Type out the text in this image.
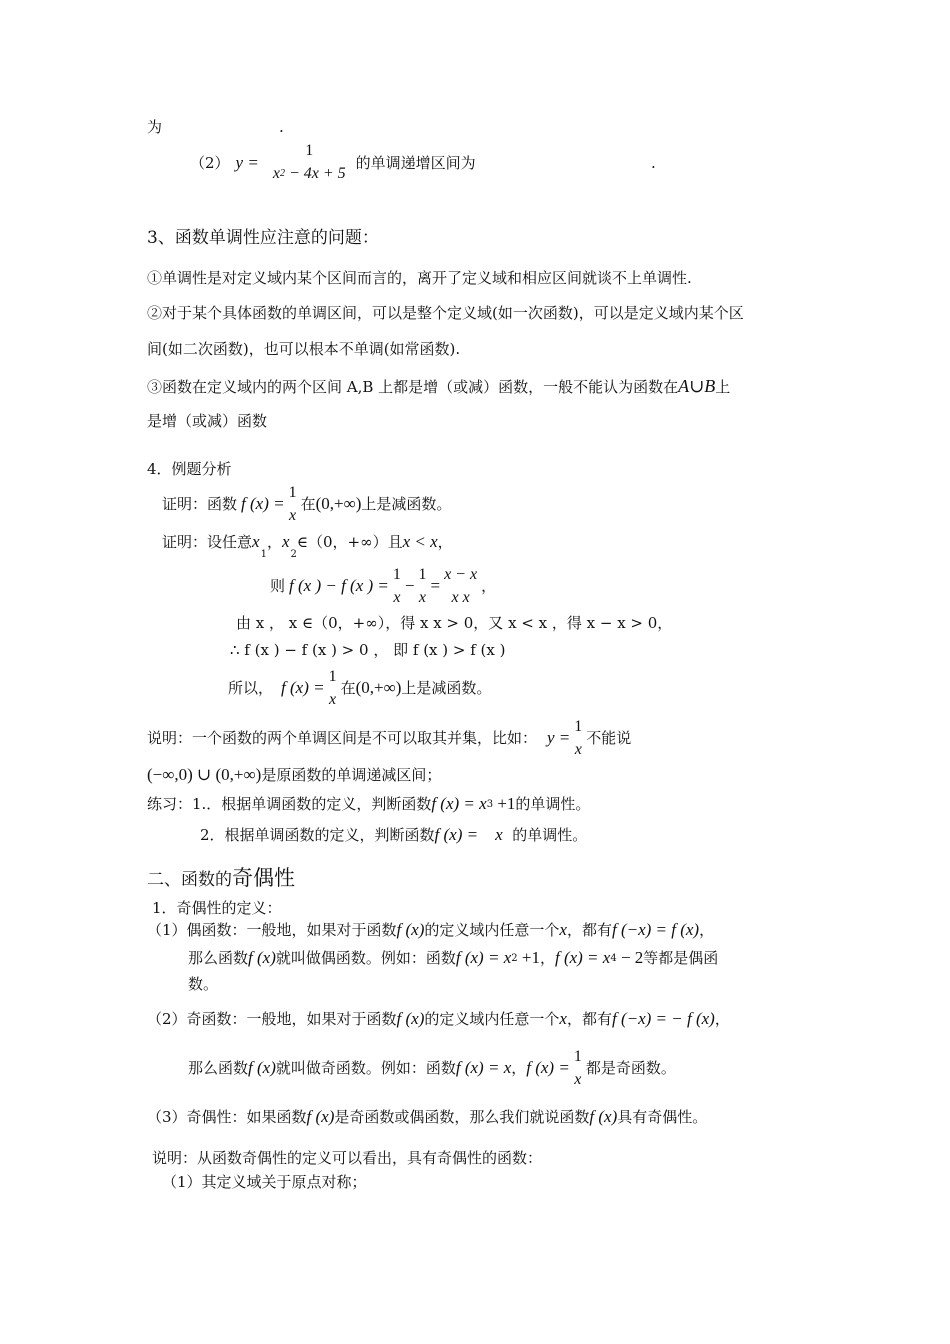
为	.
（2） y =
1
x2 − 4x + 5
的单调递增区间为	.
3、函数单调性应注意的问题：
①单调性是对定义域内某个区间而言的，离开了定义域和相应区间就谈不上单调性.
②对于某个具体函数的单调区间，可以是整个定义域(如一次函数)，可以是定义域内某个区
间(如二次函数)，也可以根本不单调(如常函数).
③函数在定义域内的两个区间 A,B 上都是增（或减）函数，一般不能认为函数在A∪B上
是增（或减）函数
4．例题分析
证明：函数 f (x) =
1
x
在 (0,+∞) 上是减函数。
证明：设任意$x_1$，$x_2\in(0$，+∞）且x < x，
则 f (x ) − f (x ) =
1
x
−
1
x
=
x − x
x x
，
由 x ， x ∈（0，+∞），得 x x > 0，又 x < x ，得 x − x > 0，
∴ f (x ) − f (x ) > 0 ， 即 f (x ) > f (x )
所以， f (x) =
1
x
在 (0,+∞) 上是减函数。
说明：一个函数的两个单调区间是不可以取其并集，比如： y =
1
x
不能说
(−∞,0) ∪ (0,+∞)是原函数的单调递减区间；
练习：1.．根据单调函数的定义，判断函数f (x) = x3 +1的单调性。
2．根据单调函数的定义，判断函数f (x) =    x 的单调性。
二、函数的奇偶性
1．奇偶性的定义：
（1）偶函数：一般地，如果对于函数f (x)的定义域内任意一个x，都有f (−x) = f (x)，
那么函数f (x)就叫做偶函数。例如：函数f (x) = x2 +1，f (x) = x4 − 2等都是偶函
数。
（2）奇函数：一般地，如果对于函数f (x)的定义域内任意一个x，都有f (−x) = − f (x)，
那么函数 f (x) 就叫做奇函数。例如：函数 f (x) = x ， f (x) =
1
x
都是奇函数。
（3）奇偶性：如果函数f (x)是奇函数或偶函数，那么我们就说函数f (x)具有奇偶性。
说明：从函数奇偶性的定义可以看出，具有奇偶性的函数：
（1）其定义域关于原点对称；
